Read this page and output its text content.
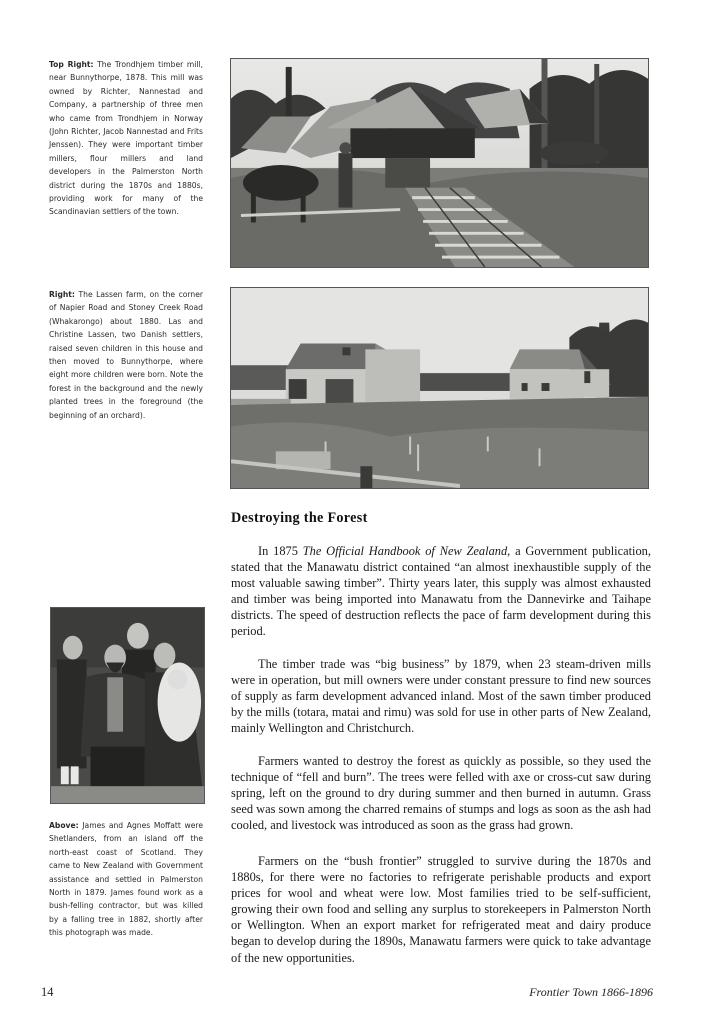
Top Right: The Trondhjem timber mill, near Bunnythorpe, 1878. This mill was owned by Richter, Nannestad and Company, a partnership of three men who came from Trondhjem in Norway (John Richter, Jacob Nannestad and Frits Jenssen). They were important timber millers, flour millers and land developers in the Palmerston North district during the 1870s and 1880s, providing work for many of the Scandinavian settlers of the town.
Right: The Lassen farm, on the corner of Napier Road and Stoney Creek Road (Whakarongo) about 1880. Las and Christine Lassen, two Danish settlers, raised seven children in this house and then moved to Bunnythorpe, where eight more children were born. Note the forest in the background and the newly planted trees in the foreground (the beginning of an orchard).
Above: James and Agnes Moffatt were Shetlanders, from an island off the north-east coast of Scotland. They came to New Zealand with Government assistance and settled in Palmerston North in 1879. James found work as a bush-felling contractor, but was killed by a falling tree in 1882, shortly after this photograph was made.
Destroying the Forest

In 1875 The Official Handbook of New Zealand, a Government publication, stated that the Manawatu district contained “an almost inexhaustible supply of the most valuable sawing timber”. Thirty years later, this supply was almost exhausted and timber was being imported into Manawatu from the Dannevirke and Taihape districts. The speed of destruction reflects the pace of farm development during this period.

The timber trade was “big business” by 1879, when 23 steam-driven mills were in operation, but mill owners were under constant pressure to find new sources of supply as farm development advanced inland. Most of the sawn timber produced by the mills (totara, matai and rimu) was sold for use in other parts of New Zealand, mainly Wellington and Christchurch.

Farmers wanted to destroy the forest as quickly as possible, so they used the technique of “fell and burn”. The trees were felled with axe or cross-cut saw during spring, left on the ground to dry during summer and then burned in autumn. Grass seed was sown among the charred remains of stumps and logs as soon as the ash had cooled, and livestock was introduced as soon as the grass had grown.

Farmers on the “bush frontier” struggled to survive during the 1870s and 1880s, for there were no factories to refrigerate perishable products and export prices for wool and wheat were low. Most families tried to be self-sufficient, growing their own food and selling any surplus to storekeepers in Palmerston North or Wellington. When an export market for refrigerated meat and dairy produce began to develop during the 1890s, Manawatu farmers were quick to take advantage of the new opportunities.

14	Frontier Town 1866-1896
